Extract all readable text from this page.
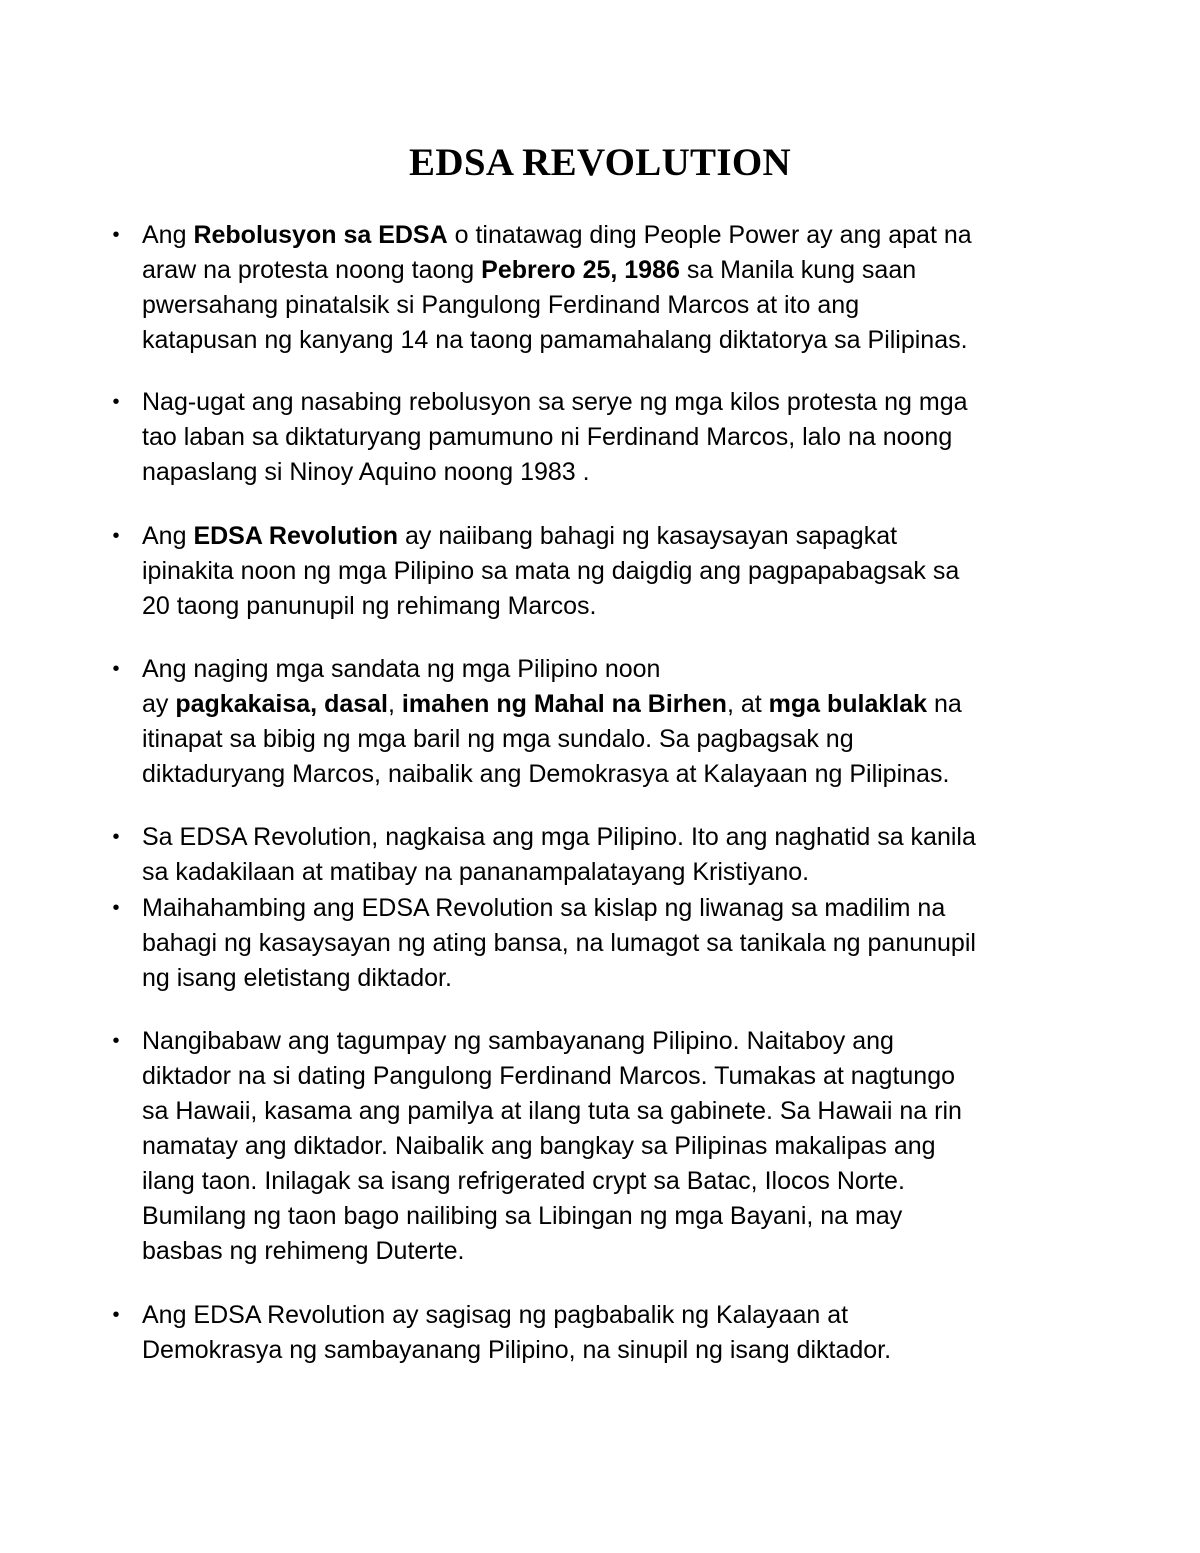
EDSA REVOLUTION
• Ang Rebolusyon sa EDSA o tinatawag ding People Power ay ang apat na
araw na protesta noong taong Pebrero 25, 1986 sa Manila kung saan
pwersahang pinatalsik si Pangulong Ferdinand Marcos at ito ang
katapusan ng kanyang 14 na taong pamamahalang diktatorya sa Pilipinas.
• Nag-ugat ang nasabing rebolusyon sa serye ng mga kilos protesta ng mga
tao laban sa diktaturyang pamumuno ni Ferdinand Marcos, lalo na noong
napaslang si Ninoy Aquino noong 1983 .
• Ang EDSA Revolution ay naiibang bahagi ng kasaysayan sapagkat
ipinakita noon ng mga Pilipino sa mata ng daigdig ang pagpapabagsak sa
20 taong panunupil ng rehimang Marcos.
• Ang naging mga sandata ng mga Pilipino noon
ay pagkakaisa, dasal, imahen ng Mahal na Birhen, at mga bulaklak na
itinapat sa bibig ng mga baril ng mga sundalo. Sa pagbagsak ng
diktaduryang Marcos, naibalik ang Demokrasya at Kalayaan ng Pilipinas.
• Sa EDSA Revolution, nagkaisa ang mga Pilipino. Ito ang naghatid sa kanila
sa kadakilaan at matibay na pananampalatayang Kristiyano.
• Maihahambing ang EDSA Revolution sa kislap ng liwanag sa madilim na
bahagi ng kasaysayan ng ating bansa, na lumagot sa tanikala ng panunupil
ng isang eletistang diktador.
• Nangibabaw ang tagumpay ng sambayanang Pilipino. Naitaboy ang
diktador na si dating Pangulong Ferdinand Marcos. Tumakas at nagtungo
sa Hawaii, kasama ang pamilya at ilang tuta sa gabinete. Sa Hawaii na rin
namatay ang diktador. Naibalik ang bangkay sa Pilipinas makalipas ang
ilang taon. Inilagak sa isang refrigerated crypt sa Batac, Ilocos Norte.
Bumilang ng taon bago nailibing sa Libingan ng mga Bayani, na may
basbas ng rehimeng Duterte.
• Ang EDSA Revolution ay sagisag ng pagbabalik ng Kalayaan at
Demokrasya ng sambayanang Pilipino, na sinupil ng isang diktador.
